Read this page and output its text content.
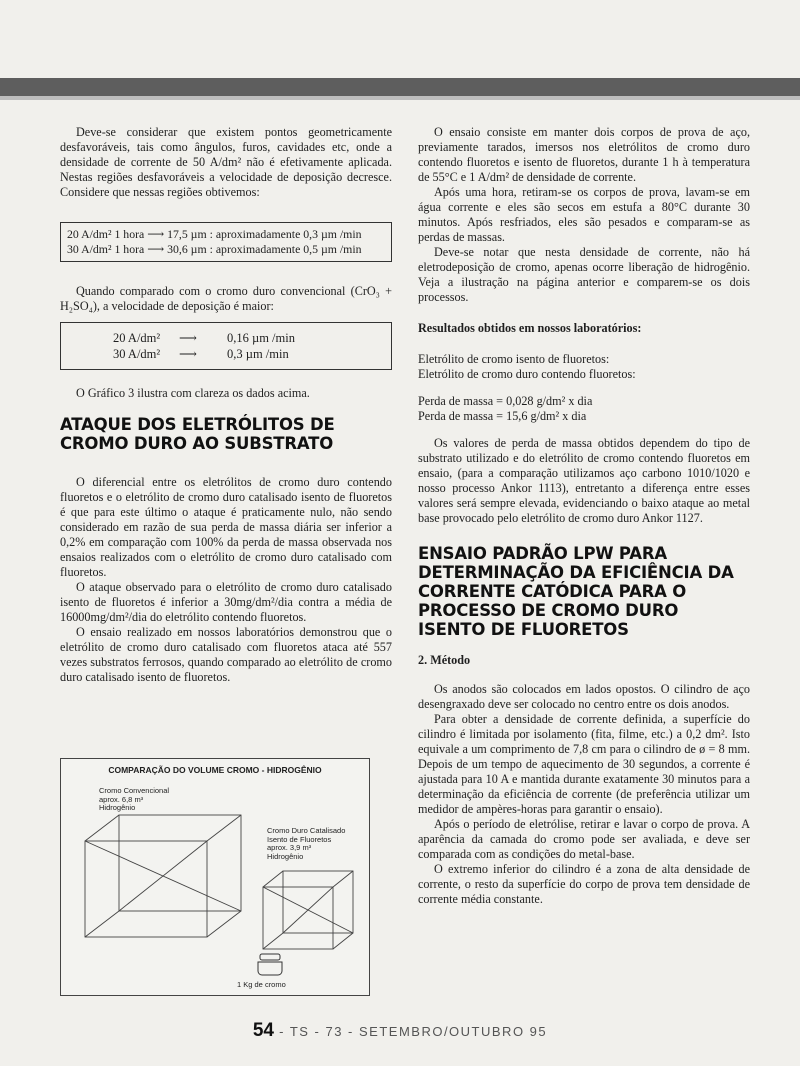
Deve-se considerar que existem pontos geometricamente desfavoráveis, tais como ângulos, furos, cavidades etc, onde a densidade de corrente de 50 A/dm² não é efetivamente aplicada. Nestas regiões desfavoráveis a velocidade de deposição decresce. Considere que nessas regiões obtivemos:

20 A/dm² 1 hora ⟶ 17,5 µm : aproximadamente 0,3 µm /min
30 A/dm² 1 hora ⟶ 30,6 µm : aproximadamente 0,5 µm /min

Quando comparado com o cromo duro convencional (CrO₃ + H₂SO₄), a velocidade de deposição é maior:

20 A/dm²	⟶	0,16 µm /min
30 A/dm²	⟶	0,3 µm /min

O Gráfico 3 ilustra com clareza os dados acima.

ATAQUE DOS ELETRÓLITOS DE CROMO DURO AO SUBSTRATO

O diferencial entre os eletrólitos de cromo duro contendo fluoretos e o eletrólito de cromo duro catalisado isento de fluoretos é que para este último o ataque é praticamente nulo, não sendo considerado em razão de sua perda de massa diária ser inferior a 0,2% em comparação com 100% da perda de massa observada nos ensaios realizados com o eletrólito de cromo duro catalisado com fluoretos.

O ataque observado para o eletrólito de cromo duro catalisado isento de fluoretos é inferior a 30mg/dm²/dia contra a média de 16000mg/dm²/dia do eletrólito contendo fluoretos.

O ensaio realizado em nossos laboratórios demonstrou que o eletrólito de cromo duro catalisado com fluoretos ataca até 557 vezes substratos ferrosos, quando comparado ao eletrólito de cromo duro catalisado isento de fluoretos.

COMPARAÇÃO DO VOLUME CROMO - HIDROGÊNIO
Cromo Convencional
aprox. 6,8 m³
Hidrogênio
Cromo Duro Catalisado
Isento de Fluoretos
aprox. 3,9 m³
Hidrogênio
1 Kg de cromo

O ensaio consiste em manter dois corpos de prova de aço, previamente tarados, imersos nos eletrólitos de cromo duro contendo fluoretos e isento de fluoretos, durante 1 h à temperatura de 55°C e 1 A/dm² de densidade de corrente.

Após uma hora, retiram-se os corpos de prova, lavam-se em água corrente e eles são secos em estufa a 80°C durante 30 minutos. Após resfriados, eles são pesados e comparam-se as perdas de massas.

Deve-se notar que nesta densidade de corrente, não há eletrodeposição de cromo, apenas ocorre liberação de hidrogênio. Veja a ilustração na página anterior e comparem-se os dois processos.

Resultados obtidos em nossos laboratórios:

Eletrólito de cromo isento de fluoretos:

Eletrólito de cromo duro contendo fluoretos:

Perda de massa = 0,028 g/dm² x dia

Perda de massa = 15,6 g/dm² x dia

Os valores de perda de massa obtidos dependem do tipo de substrato utilizado e do eletrólito de cromo contendo fluoretos em ensaio, (para a comparação utilizamos aço carbono 1010/1020 e nosso processo Ankor 1113), entretanto a diferença entre esses valores será sempre elevada, evidenciando o baixo ataque ao metal base provocado pelo eletrólito de cromo duro Ankor 1127.

ENSAIO PADRÃO LPW PARA DETERMINAÇÃO DA EFICIÊNCIA DA CORRENTE CATÓDICA PARA O PROCESSO DE CROMO DURO ISENTO DE FLUORETOS

2. Método

Os anodos são colocados em lados opostos. O cilindro de aço desengraxado deve ser colocado no centro entre os dois anodos.

Para obter a densidade de corrente definida, a superfície do cilindro é limitada por isolamento (fita, filme, etc.) a 0,2 dm². Isto equivale a um comprimento de 7,8 cm para o cilindro de ø = 8 mm. Depois de um tempo de aquecimento de 30 segundos, a corrente é ajustada para 10 A e mantida durante exatamente 30 minutos para a determinação da eficiência de corrente (de preferência utilizar um medidor de ampères-horas para garantir o ensaio).

Após o período de eletrólise, retirar e lavar o corpo de prova. A aparência da camada do cromo pode ser avaliada, e deve ser comparada com as condições do metal-base.

O extremo inferior do cilindro é a zona de alta densidade de corrente, o resto da superfície do corpo de prova tem densidade de corrente média constante.

54 - TS - 73 - SETEMBRO/OUTUBRO 95
